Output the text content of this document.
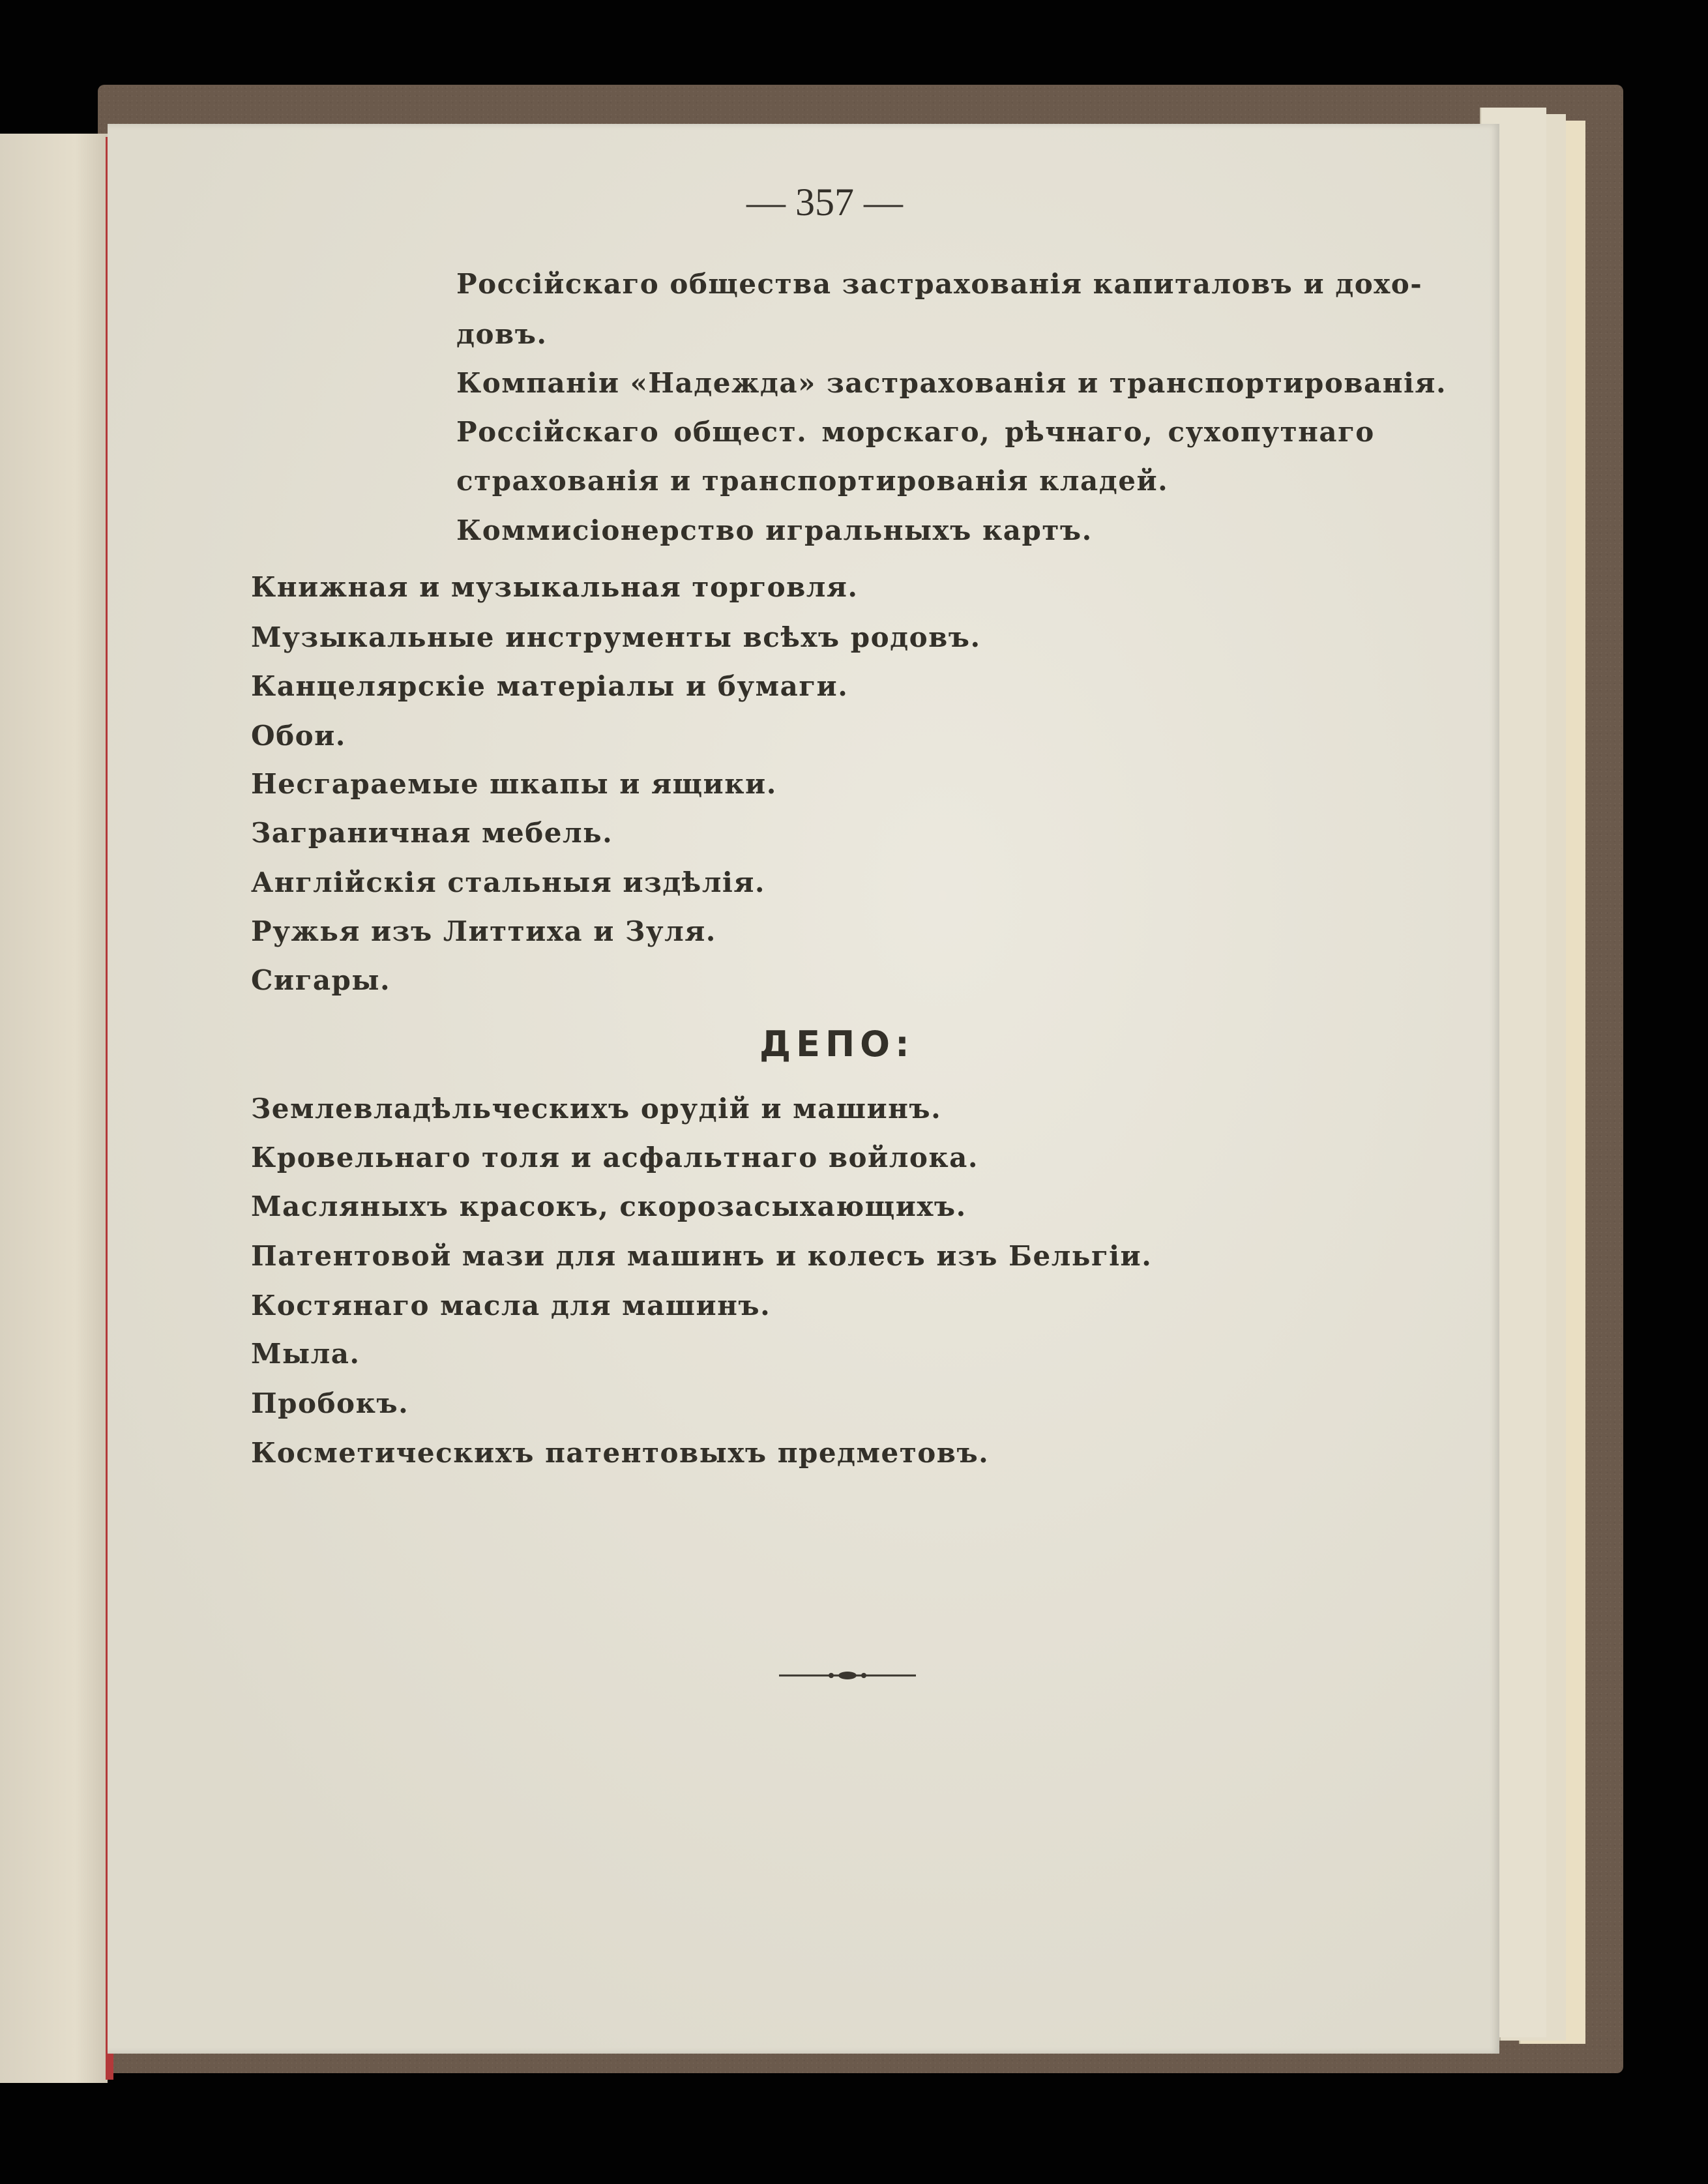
— 357 —
Россійскаго общества застрахованія капиталовъ и дохо-
довъ.
Компаніи «Надежда» застрахованія и транспортированія.
Россійскаго общест. морскаго, рѣчнаго, сухопутнаго
страхованія и транспортированія кладей.
Коммисіонерство игральныхъ картъ.
Книжная и музыкальная торговля.
Музыкальные инструменты всѣхъ родовъ.
Канцелярскіе матеріалы и бумаги.
Обои.
Несгараемые шкапы и ящики.
Заграничная мебель.
Англійскія стальныя издѣлія.
Ружья изъ Литтиха и Зуля.
Сигары.
ДЕПО:
Землевладѣльческихъ орудій и машинъ.
Кровельнаго толя и асфальтнаго войлока.
Масляныхъ красокъ, скорозасыхающихъ.
Патентовой мази для машинъ и колесъ изъ Бельгіи.
Костянаго масла для машинъ.
Мыла.
Пробокъ.
Косметическихъ патентовыхъ предметовъ.
